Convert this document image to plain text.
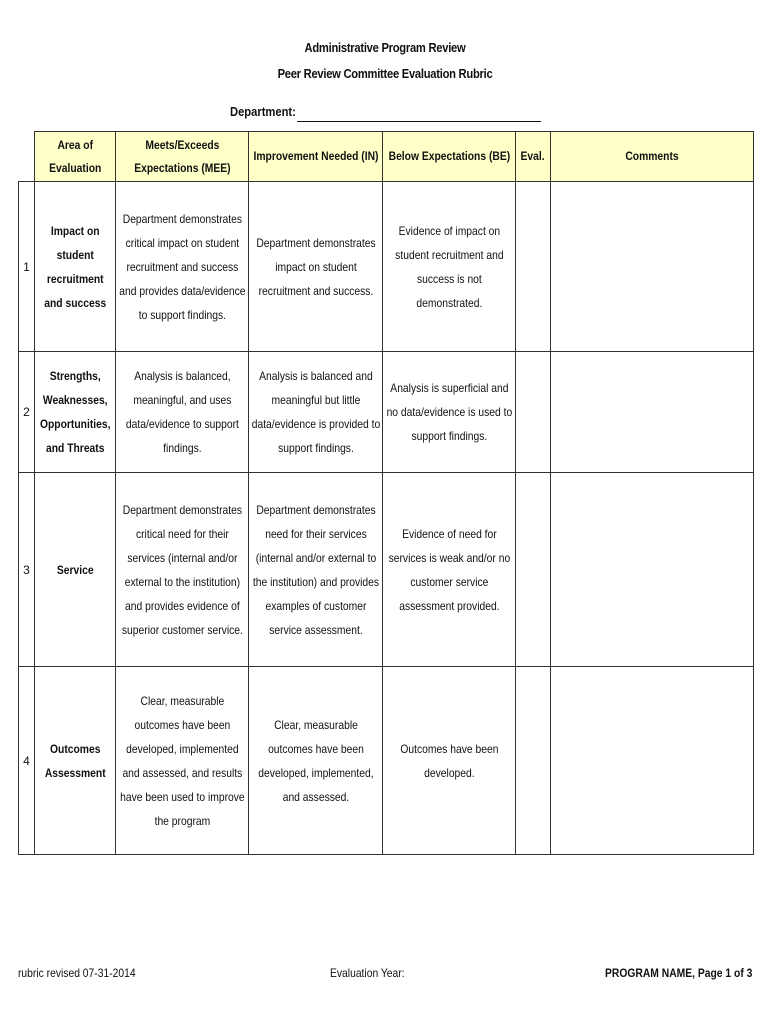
Administrative Program Review
Peer Review Committee Evaluation Rubric
Department:
	Area of Evaluation	Meets/Exceeds Expectations (MEE)	Improvement Needed (IN)	Below Expectations (BE)	Eval.	Comments
1	Impact on student recruitment and success	Department demonstrates critical impact on student recruitment and success and provides data/evidence to support findings.	Department demonstrates impact on student recruitment and success.	Evidence of impact on student recruitment and success is not demonstrated.		
2	Strengths, Weaknesses, Opportunities, and Threats	Analysis is balanced, meaningful, and uses data/evidence to support findings.	Analysis is balanced and meaningful but little data/evidence is provided to support findings.	Analysis is superficial and no data/evidence is used to support findings.		
3	Service	Department demonstrates critical need for their services (internal and/or external to the institution) and provides evidence of superior customer service.	Department demonstrates need for their services (internal and/or external to the institution) and provides examples of customer service assessment.	Evidence of need for services is weak and/or no customer service assessment provided.		
4	Outcomes Assessment	Clear, measurable outcomes have been developed, implemented and assessed, and results have been used to improve the program	Clear, measurable outcomes have been developed, implemented, and assessed.	Outcomes have been developed.		
rubric revised 07-31-2014	Evaluation Year:	PROGRAM NAME, Page 1 of 3
